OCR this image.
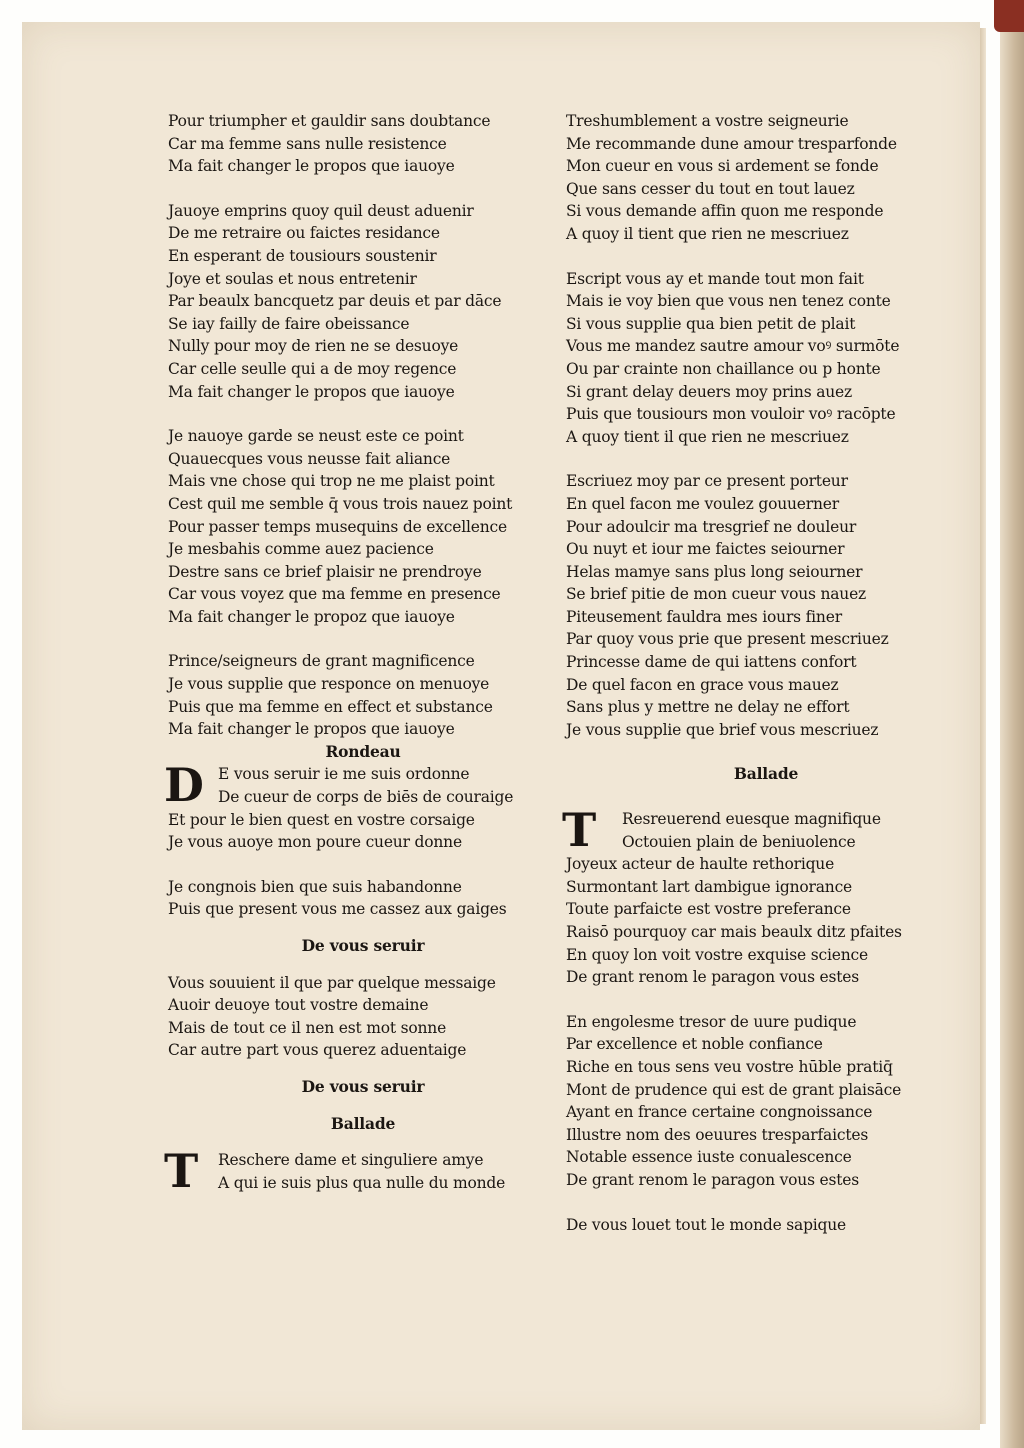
Pour triumpher et gauldir sans doubtance
Car ma femme sans nulle resistence
Ma fait changer le propos que iauoye
Jauoye emprins quoy quil deust aduenir
De me retraire ou faictes residance
En esperant de tousiours soustenir
Joye et soulas et nous entretenir
Par beaulx bancquetz par deuis et par dāce
Se iay failly de faire obeissance
Nully pour moy de rien ne se desuoye
Car celle seulle qui a de moy regence
Ma fait changer le propos que iauoye
Je nauoye garde se neust este ce point
Quauecques vous neusse fait aliance
Mais vne chose qui trop ne me plaist point
Cest quil me semble q̄ vous trois nauez point
Pour passer temps musequins de excellence
Je mesbahis comme auez pacience
Destre sans ce brief plaisir ne prendroye
Car vous voyez que ma femme en presence
Ma fait changer le propoz que iauoye
Prince/seigneurs de grant magnificence
Je vous supplie que responce on menuoye
Puis que ma femme en effect et substance
Ma fait changer le propos que iauoye
Rondeau
D E vous seruir ie me suis ordonne
De cueur de corps de biēs de couraige
Et pour le bien quest en vostre corsaige
Je vous auoye mon poure cueur donne
Je congnois bien que suis habandonne
Puis que present vous me cassez aux gaiges
De vous seruir
Vous souuient il que par quelque messaige
Auoir deuoye tout vostre demaine
Mais de tout ce il nen est mot sonne
Car autre part vous querez aduentaige
De vous seruir
Ballade
T	Reschere dame et singuliere amye
A qui ie suis plus qua nulle du monde
Treshumblement a vostre seigneurie
Me recommande dune amour tresparfonde
Mon cueur en vous si ardement se fonde
Que sans cesser du tout en tout lauez
Si vous demande affin quon me responde
A quoy il tient que rien ne mescriuez
Escript vous ay et mande tout mon fait
Mais ie voy bien que vous nen tenez conte
Si vous supplie qua bien petit de plait
Vous me mandez sautre amour voꝰ surmōte
Ou par crainte non chaillance ou p honte
Si grant delay deuers moy prins auez
Puis que tousiours mon vouloir voꝰ racōpte
A quoy tient il que rien ne mescriuez
Escriuez moy par ce present porteur
En quel facon me voulez gouuerner
Pour adoulcir ma tresgrief ne douleur
Ou nuyt et iour me faictes seiourner
Helas mamye sans plus long seiourner
Se brief pitie de mon cueur vous nauez
Piteusement fauldra mes iours finer
Par quoy vous prie que present mescriuez
Princesse dame de qui iattens confort
De quel facon en grace vous mauez
Sans plus y mettre ne delay ne effort
Je vous supplie que brief vous mescriuez
Ballade
T	Resreuerend euesque magnifique
Octouien plain de beniuolence
Joyeux acteur de haulte rethorique
Surmontant lart dambigue ignorance
Toute parfaicte est vostre preferance
Raisō pourquoy car mais beaulx ditz pfaites
En quoy lon voit vostre exquise science
De grant renom le paragon vous estes
En engolesme tresor de uure pudique
Par excellence et noble confiance
Riche en tous sens veu vostre hūble pratiq̄
Mont de prudence qui est de grant plaisāce
Ayant en france certaine congnoissance
Illustre nom des oeuures tresparfaictes
Notable essence iuste conualescence
De grant renom le paragon vous estes
De vous louet tout le monde sapique
